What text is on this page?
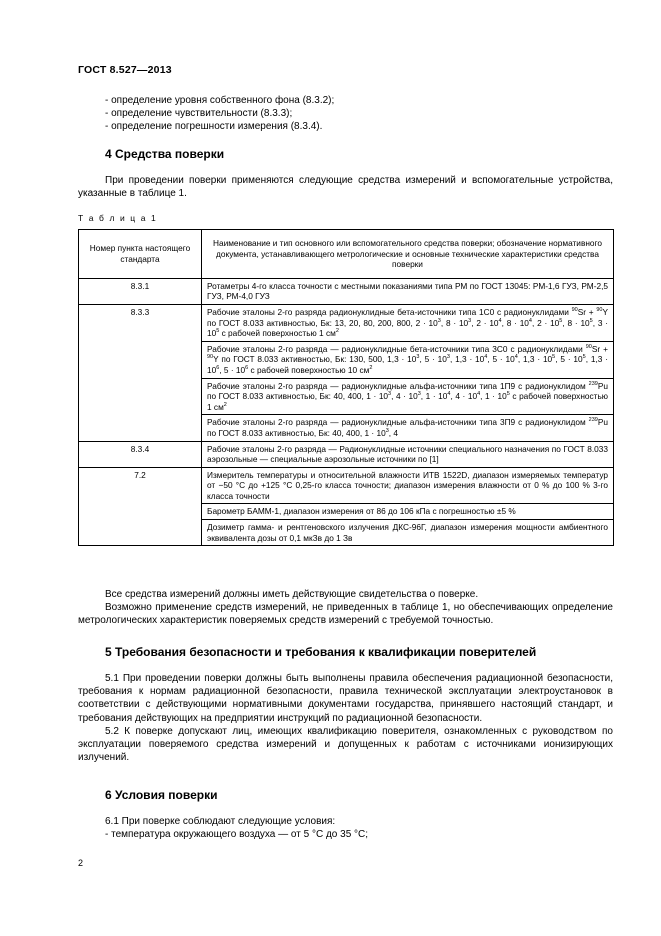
ГОСТ 8.527—2013
- определение уровня собственного фона (8.3.2);
- определение чувствительности (8.3.3);
- определение погрешности измерения (8.3.4).
4 Средства поверки

При проведении поверки применяются следующие средства измерений и вспомогательные устройства, указанные в таблице 1.

Т а б л и ц а 1
Номер пункта настоящего стандарта	Наименование и тип основного или вспомогательного средства поверки; обозначение нормативного документа, устанавливающего метрологические и основные технические характеристики средства поверки
8.3.1	Ротаметры 4-го класса точности с местными показаниями типа РМ по ГОСТ 13045: РМ-1,6 ГУЗ, РМ-2,5 ГУЗ, РМ-4,0 ГУЗ
8.3.3	Рабочие эталоны 2-го разряда радионуклидные бета-источники типа 1С0 с радионуклидами $^{90}$Sr + $^{90}$Y по ГОСТ 8.033 активностью, Бк: 13, 20, 80, 200, 800, $2 \cdot 10^3$, $8 \cdot 10^3$, $2 \cdot 10^4$, $8 \cdot 10^4$, $2 \cdot 10^5$, $8 \cdot 10^5$, $3 \cdot 10^5$ с рабочей поверхностью 1 $см^2$
	Рабочие эталоны 2-го разряда — радионуклидные бета-источники типа 3С0 с радионуклидами $^{90}$Sr + $^{90}$Y по ГОСТ 8.033 активностью, Бк: 130, 500, $1,3 \cdot 10^3$, $5 \cdot 10^3$, $1,3 \cdot 10^4$, $5 \cdot 10^4$, $1,3 \cdot 10^5$, $5 \cdot 10^5$, $1,3 \cdot 10^6$, $5 \cdot 10^6$ с рабочей поверхностью 10 $см^2$
	Рабочие эталоны 2-го разряда — радионуклидные альфа-источники типа 1П9 с радионуклидом $^{239}$Pu по ГОСТ 8.033 активностью, Бк: 40, 400, $1 \cdot 10^3$, $4 \cdot 10^3$, $1 \cdot 10^4$, $4 \cdot 10^4$, $1 \cdot 10^5$ с рабочей поверхностью 1 $см^2$
	Рабочие эталоны 2-го разряда — радионуклидные альфа-источники типа 3П9 с радионуклидом $^{239}$Pu по ГОСТ 8.033 активностью, Бк: 40, 400, $1 \cdot 10^3$, 4
8.3.4	Рабочие эталоны 2-го разряда — Радионуклидные источники специального назначения по ГОСТ 8.033 аэрозольные — специальные аэрозольные источники по [1]
7.2	Измеритель температуры и относительной влажности ИТВ 1522D, диапазон измеряемых температур от −50 °С до +125 °С 0,25-го класса точности; диапазон измерения влажности от 0 % до 100 % 3-го класса точности
	Барометр БАММ-1, диапазон измерения от 86 до 106 кПа с погрешностью ±5 %
	Дозиметр гамма- и рентгеновского излучения ДКС-96Г, диапазон измерения мощности амбиентного эквивалента дозы от 0,1 мкЗв до 1 Зв

Все средства измерений должны иметь действующие свидетельства о поверке.

Возможно применение средств измерений, не приведенных в таблице 1, но обеспечивающих определение метрологических характеристик поверяемых средств измерений с требуемой точностью.

5 Требования безопасности и требования к квалификации поверителей

5.1 При проведении поверки должны быть выполнены правила обеспечения радиационной безопасности, требования к нормам радиационной безопасности, правила технической эксплуатации электроустановок в соответствии с действующими нормативными документами государства, принявшего настоящий стандарт, и требования действующих на предприятии инструкций по радиационной безопасности.

5.2 К поверке допускают лиц, имеющих квалификацию поверителя, ознакомленных с руководством по эксплуатации поверяемого средства измерений и допущенных к работам с источниками ионизирующих излучений.

6 Условия поверки

6.1 При поверке соблюдают следующие условия:

- температура окружающего воздуха — от 5 °С до 35 °С;

2
